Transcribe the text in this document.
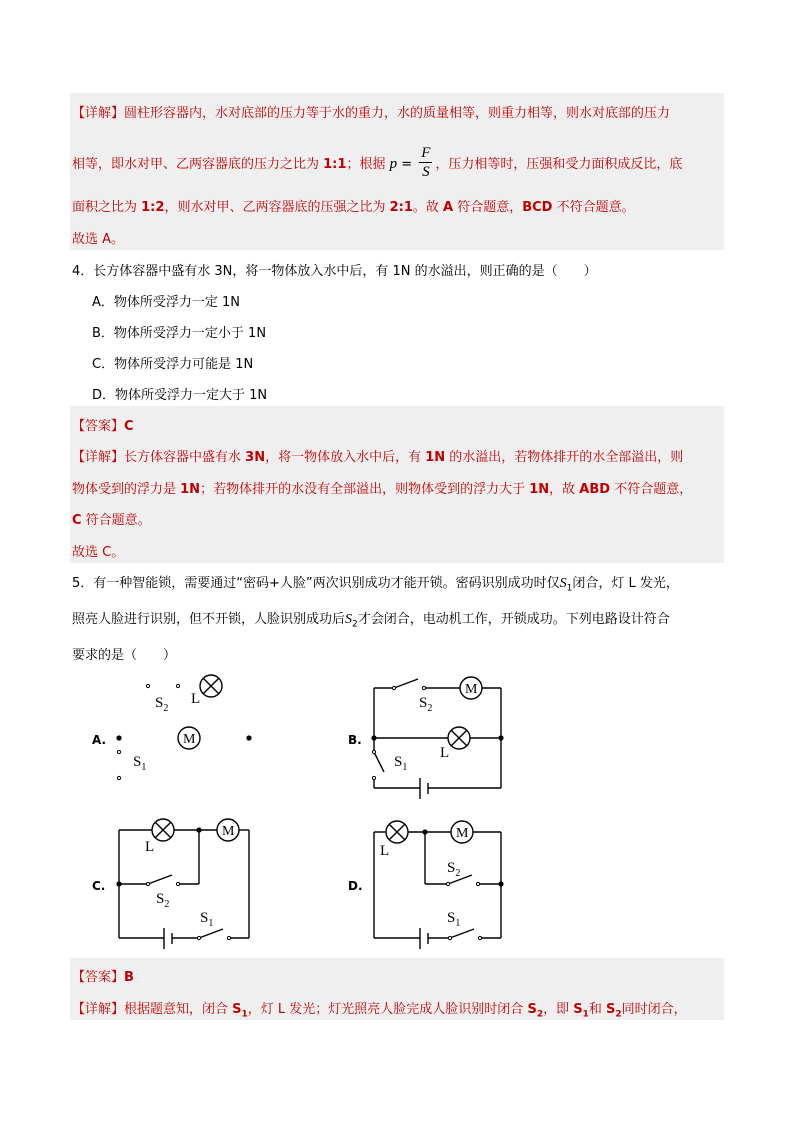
【详解】圆柱形容器内，水对底部的压力等于水的重力，水的质量相等，则重力相等，则水对底部的压力
相等，即水对甲、乙两容器底的压力之比为 1:1；根据 $p = \frac{F}{S}$ ，压力相等时，压强和受力面积成反比，底
面积之比为 1:2，则水对甲、乙两容器底的压强之比为 2:1。故 A 符合题意，BCD 不符合题意。
故选 A。
4．长方体容器中盛有水 3N，将一物体放入水中后，有 1N 的水溢出，则正确的是（　　）
A．物体所受浮力一定 1N
B．物体所受浮力一定小于 1N
C．物体所受浮力可能是 1N
D．物体所受浮力一定大于 1N
【答案】C
【详解】长方体容器中盛有水 3N，将一物体放入水中后，有 1N 的水溢出，若物体排开的水全部溢出，则
物体受到的浮力是 1N；若物体排开的水没有全部溢出，则物体受到的浮力大于 1N，故 ABD 不符合题意，
C 符合题意。
故选 C。
5．有一种智能锁，需要通过“密码+人脸”两次识别成功才能开锁。密码识别成功时仅$S_1$闭合，灯 L 发光，
照亮人脸进行识别，但不开锁，人脸识别成功后$S_2$才会闭合，电动机工作，开锁成功。下列电路设计符合
要求的是（　　）
M
$S_2$
L
$S_1$
A.
M
$S_2$
L
$S_1$
B.
M
L
$S_2$
$S_1$
C.
M
L
$S_2$
$S_1$
D.
【答案】B
【详解】根据题意知，闭合 $S_1$，灯 L 发光；灯光照亮人脸完成人脸识别时闭合 $S_2$，即 $S_1$和 $S_2$同时闭合，
